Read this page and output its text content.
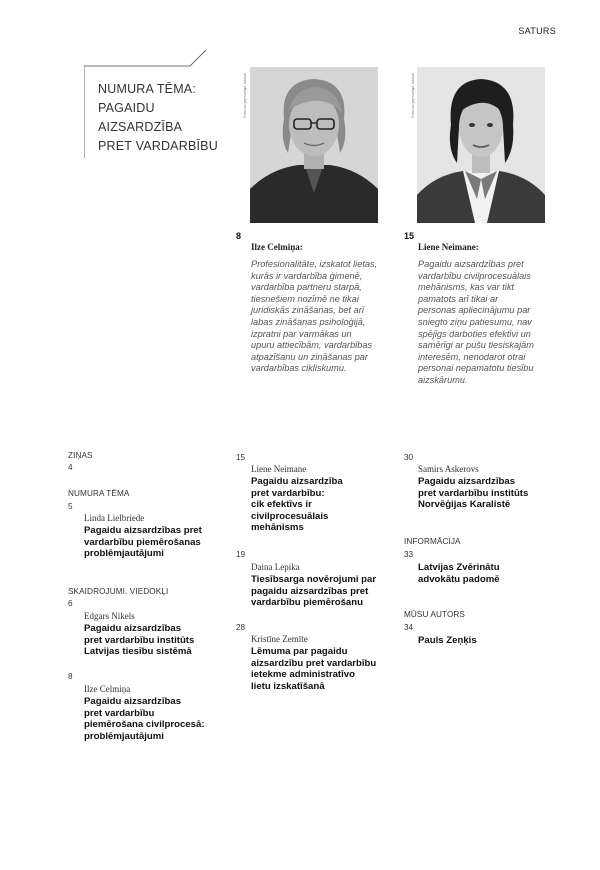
SATURS
NUMURA TĒMA:
PAGAIDU
AIZSARDZĪBA
PRET VARDARBĪBU
Foto no personīga arhīva	Foto no personīga arhīva
8
Ilze Celmiņa:
Profesionalitāte, izskatot lietas,
kurās ir vardarbība ģimenē,
vardarbība partneru starpā,
tiesnešiem nozīmē ne tikai
juridiskās zināšanas, bet arī
labas zināšanas psiholoģijā,
izpratni par varmākas un
upuru attiecībām, vardarbības
atpazīšanu un zināšanas par
vardarbības cikliskumu.
15
Liene Neimane:
Pagaidu aizsardzības pret
vardarbību civilprocesuālais
mehānisms, kas var tikt
pamatots arī tikai ar
personas apliecinājumu par
sniegto ziņu patiesumu, nav
spējīgs darboties efektīvi un
samērīgi ar pušu tiesiskajām
interesēm, nenodarot otrai
personai nepamatotu tiesību
aizskārumu.
ZIŅAS
4
NUMURA TĒMA
5
Linda Lielbriede
Pagaidu aizsardzības pret
vardarbību piemērošanas
problēmjautājumi
SKAIDROJUMI. VIEDOKĻI
6
Edgars Nikels
Pagaidu aizsardzības
pret vardarbību institūts
Latvijas tiesību sistēmā
8
Ilze Celmiņa
Pagaidu aizsardzības
pret vardarbību
piemērošana civilprocesā:
problēmjautājumi
15
Liene Neimane
Pagaidu aizsardzība
pret vardarbību:
cik efektīvs ir
civilprocesuālais
mehānisms
19
Daina Lepika
Tiesībsarga novērojumi par
pagaidu aizsardzības pret
vardarbību piemērošanu
28
Kristīne Zemīte
Lēmuma par pagaidu
aizsardzību pret vardarbību
ietekme administratīvo
lietu izskatīšanā
30
Samirs Askerovs
Pagaidu aizsardzības
pret vardarbību institūts
Norvēģijas Karalistē
INFORMĀCIJA
33
Latvijas Zvērinātu
advokātu padomē
MŪSU AUTORS
34
Pauls Zeņķis
